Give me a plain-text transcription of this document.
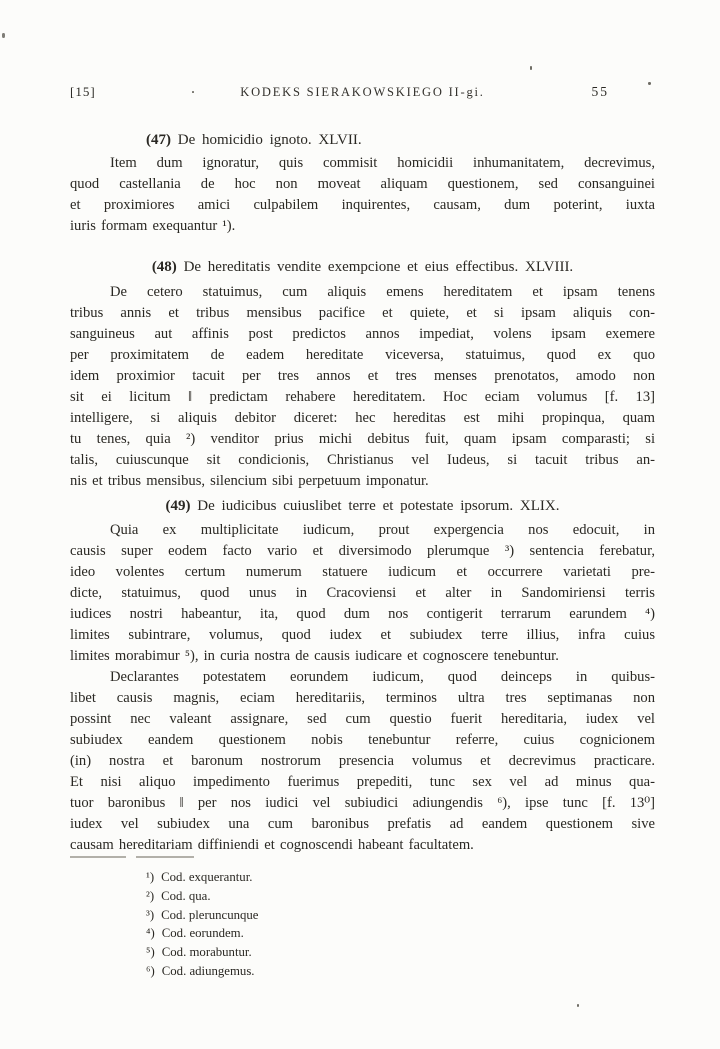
[15]	KODEKS SIERAKOWSKIEGO II-gi.	55
(47) De homicidio ignoto. XLVII.
Item dum ignoratur, quis commisit homicidii inhumanitatem, decrevimus,
quod castellania de hoc non moveat aliquam questionem, sed consanguinei
et proximiores amici culpabilem inquirentes, causam, dum poterint, iuxta
iuris formam exequantur ¹).
(48) De hereditatis vendite exempcione et eius effectibus. XLVIII.
De cetero statuimus, cum aliquis emens hereditatem et ipsam tenens
tribus annis et tribus mensibus pacifice et quiete, et si ipsam aliquis con-
sanguineus aut affinis post predictos annos impediat, volens ipsam exemere
per proximitatem de eadem hereditate viceversa, statuimus, quod ex quo
idem proximior tacuit per tres annos et tres menses prenotatos, amodo non
sit ei licitum ‖ predictam rehabere hereditatem. Hoc eciam volumus [f. 13]
intelligere, si aliquis debitor diceret: hec hereditas est mihi propinqua, quam
tu tenes, quia ²) venditor prius michi debitus fuit, quam ipsam comparasti; si
talis, cuiuscunque sit condicionis, Christianus vel Iudeus, si tacuit tribus an-
nis et tribus mensibus, silencium sibi perpetuum imponatur.
(49) De iudicibus cuiuslibet terre et potestate ipsorum. XLIX.
Quia ex multiplicitate iudicum, prout expergencia nos edocuit, in
causis super eodem facto vario et diversimodo plerumque ³) sentencia ferebatur,
ideo volentes certum numerum statuere iudicum et occurrere varietati pre-
dicte, statuimus, quod unus in Cracoviensi et alter in Sandomiriensi terris
iudices nostri habeantur, ita, quod dum nos contigerit terrarum earundem ⁴)
limites subintrare, volumus, quod iudex et subiudex terre illius, infra cuius
limites morabimur ⁵), in curia nostra de causis iudicare et cognoscere tenebuntur.
Declarantes potestatem eorundem iudicum, quod deinceps in quibus-
libet causis magnis, eciam hereditariis, terminos ultra tres septimanas non
possint nec valeant assignare, sed cum questio fuerit hereditaria, iudex vel
subiudex eandem questionem nobis tenebuntur referre, cuius cognicionem
(in) nostra et baronum nostrorum presencia volumus et decrevimus practicare.
Et nisi aliquo impedimento fuerimus prepediti, tunc sex vel ad minus qua-
tuor baronibus ‖ per nos iudici vel subiudici adiungendis ⁶), ipse tunc [f. 13⁰]
iudex vel subiudex una cum baronibus prefatis ad eandem questionem sive
causam hereditariam diffiniendi et cognoscendi habeant facultatem.
¹) Cod. exquerantur.
²) Cod. qua.
³) Cod. pleruncunque
⁴) Cod. eorundem.
⁵) Cod. morabuntur.
⁶) Cod. adiungemus.
